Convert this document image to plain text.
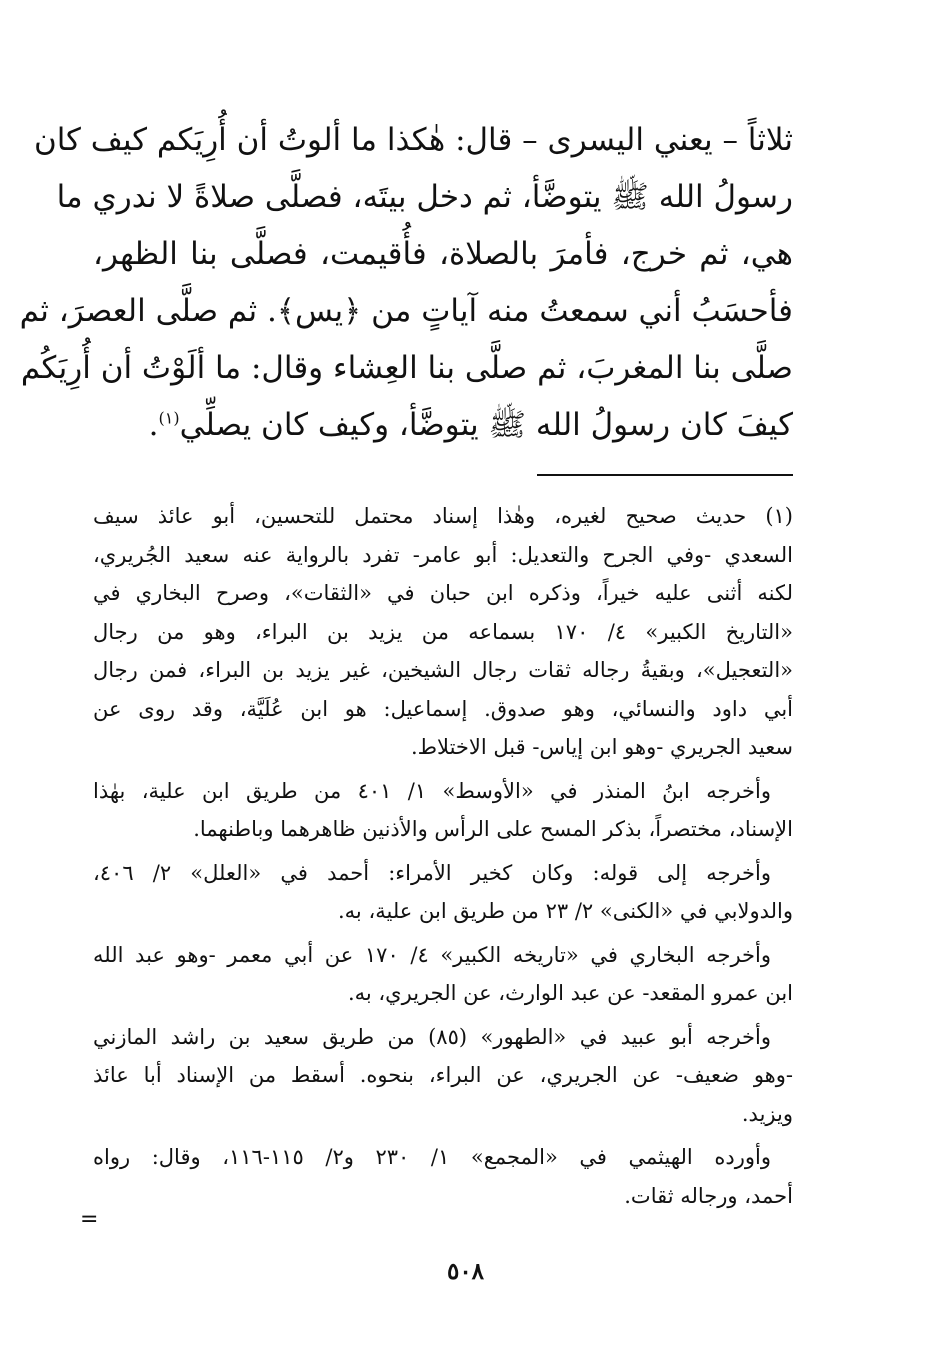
ثلاثاً – يعني اليسرى – قال: هٰكذا ما ألوتُ أن أُرِيَكم كيف كان
رسولُ الله ﷺ يتوضَّأ، ثم دخل بيتَه، فصلَّى صلاةً لا ندري ما
هي، ثم خرج، فأمرَ بالصلاة، فأُقيمت، فصلَّى بنا الظهر،
فأحسَبُ أني سمعتُ منه آياتٍ من ﴿يس﴾. ثم صلَّى العصرَ، ثم
صلَّى بنا المغربَ، ثم صلَّى بنا العِشاء وقال: ما ألَوْتُ أن أُرِيَكُم
كيفَ كان رسولُ الله ﷺ يتوضَّأ، وكيف كان يصلِّي$^{(١)}$.
(١) حديث صحيح لغيره، وهٰذا إسناد محتمل للتحسين، أبو عائذ سيف
السعدي -وفي الجرح والتعديل: أبو عامر- تفرد بالرواية عنه سعيد الجُريري،
لكنه أثنى عليه خيراً، وذكره ابن حبان في «الثقات»، وصرح البخاري في
«التاريخ الكبير» ٤/ ١٧٠ بسماعه من يزيد بن البراء، وهو من رجال
«التعجيل»، وبقيةُ رجاله ثقات رجال الشيخين، غير يزيد بن البراء، فمن رجال
أبي داود والنسائي، وهو صدوق. إسماعيل: هو ابن عُلَيَّة، وقد روى عن
سعيد الجريري -وهو ابن إياس- قبل الاختلاط.
وأخرجه ابنُ المنذر في «الأوسط» ١/ ٤٠١ من طريق ابن علية، بهٰذا
الإسناد، مختصراً، بذكر المسح على الرأس والأذنين ظاهرهما وباطنهما.
وأخرجه إلى قوله: وكان كخير الأمراء: أحمد في «العلل» ٢/ ٤٠٦،
والدولابي في «الكنى» ٢/ ٢٣ من طريق ابن علية، به.
وأخرجه البخاري في «تاريخه الكبير» ٤/ ١٧٠ عن أبي معمر -وهو عبد الله
ابن عمرو المقعد- عن عبد الوارث، عن الجريري، به.
وأخرجه أبو عبيد في «الطهور» (٨٥) من طريق سعيد بن راشد المازني
-وهو ضعيف- عن الجريري، عن البراء، بنحوه. أسقط من الإسناد أبا عائذ
ويزيد.
وأورده الهيثمي في «المجمع» ١/ ٢٣٠ و٢/ ١١٥-١١٦، وقال: رواه
أحمد، ورجاله ثقات.
=
٥٠٨
